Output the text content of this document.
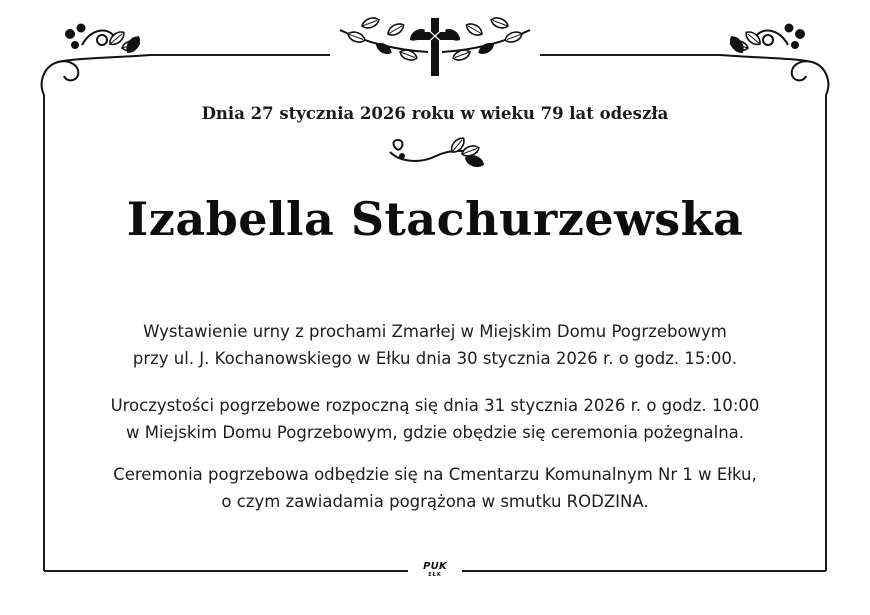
Dnia 27 stycznia 2026 roku w wieku 79 lat odeszła
Izabella Stachurzewska
Wystawienie urny z prochami Zmarłej w Miejskim Domu Pogrzebowym
przy ul. J. Kochanowskiego w Ełku dnia 30 stycznia 2026 r. o godz. 15:00.
Uroczystości pogrzebowe rozpoczną się dnia 31 stycznia 2026 r. o godz. 10:00
w Miejskim Domu Pogrzebowym, gdzie obędzie się ceremonia pożegnalna.
Ceremonia pogrzebowa odbędzie się na Cmentarzu Komunalnym Nr 1 w Ełku,
o czym zawiadamia pogrążona w smutku RODZINA.
PUK
EŁK
